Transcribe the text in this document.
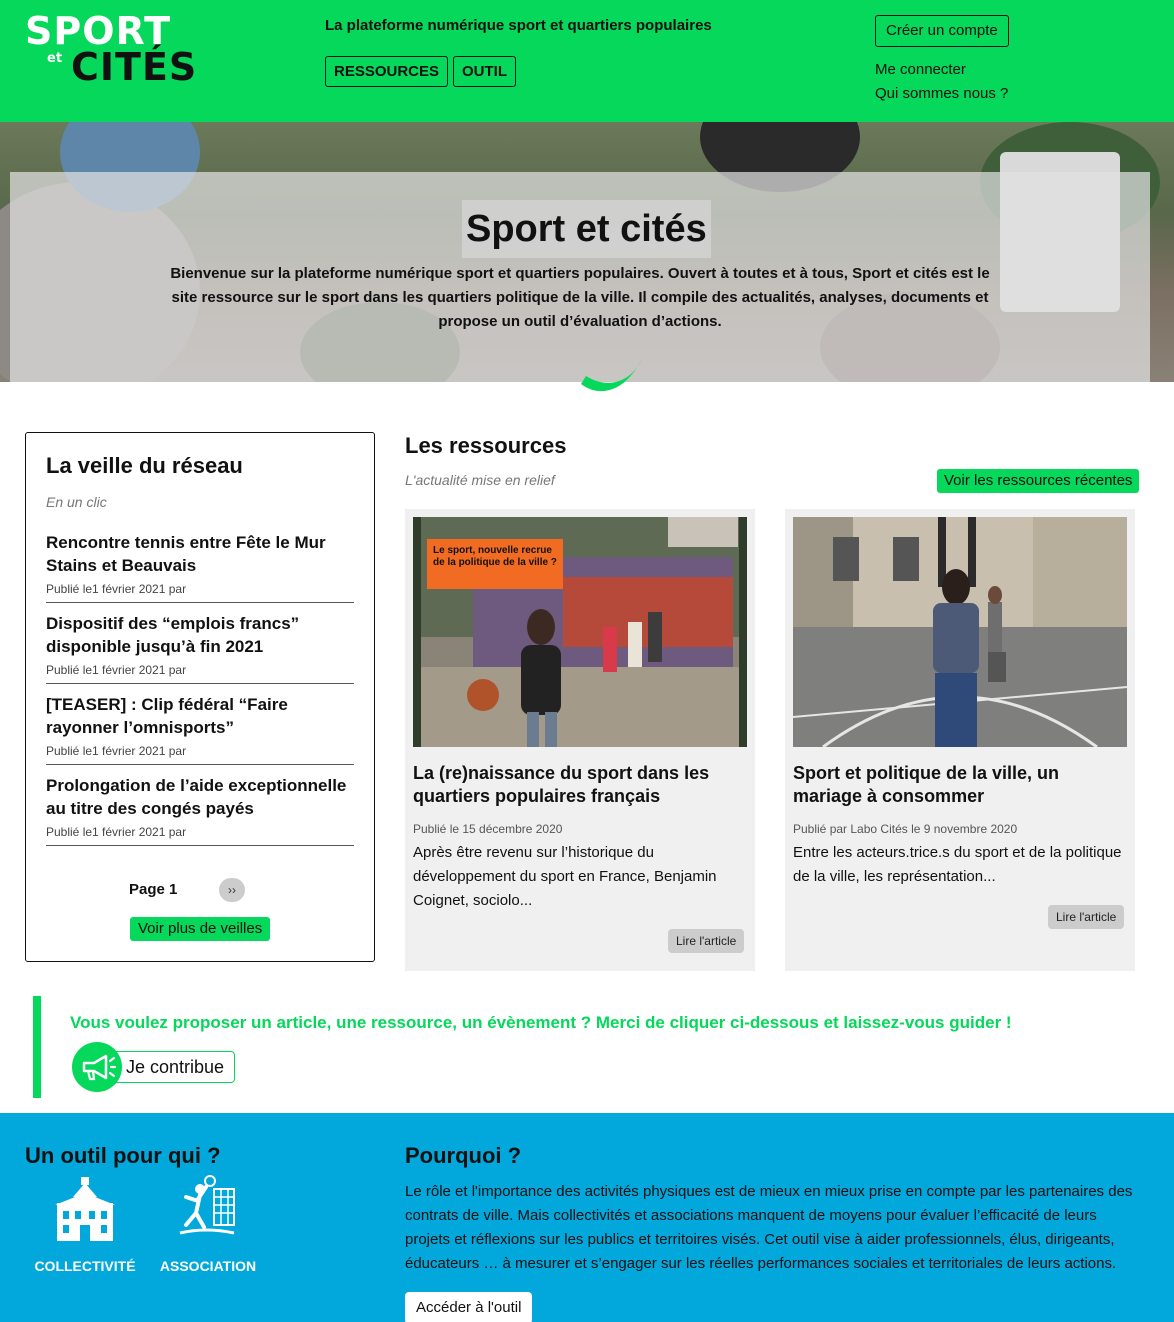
SPORT
et CITÉS
La plateforme numérique sport et quartiers populaires
RESSOURCES	OUTIL
Créer un compte
Me connecter
Qui sommes nous ?
Sport et cités
Bienvenue sur la plateforme numérique sport et quartiers populaires. Ouvert à toutes et à tous, Sport et cités est le site ressource sur le sport dans les quartiers politique de la ville. Il compile des actualités, analyses, documents et propose un outil d’évaluation d’actions.
La veille du réseau
En un clic
Rencontre tennis entre Fête le Mur Stains et Beauvais
Publié le1 février 2021 par
Dispositif des “emplois francs” disponible jusqu’à fin 2021
Publié le1 février 2021 par
[TEASER] : Clip fédéral “Faire rayonner l’omnisports”
Publié le1 février 2021 par
Prolongation de l’aide exceptionnelle au titre des congés payés
Publié le1 février 2021 par
Page 1	››
Voir plus de veilles
Les ressources
L'actualité mise en relief	Voir les ressources récentes
Le sport, nouvelle recrue de la politique de la ville ?
La (re)naissance du sport dans les quartiers populaires français
Publié le 15 décembre 2020
Après être revenu sur l’historique du développement du sport en France, Benjamin Coignet, sociolo...
Lire l'article
Sport et politique de la ville, un mariage à consommer
Publié par Labo Cités le 9 novembre 2020
Entre les acteurs.trice.s du sport et de la politique de la ville, les représentation...
Lire l'article
Vous voulez proposer un article, une ressource, un évènement ? Merci de cliquer ci-dessous et laissez-vous guider !
Je contribue
Un outil pour qui ?	Pourquoi ?
COLLECTIVITÉ	ASSOCIATION
Le rôle et l'importance des activités physiques est de mieux en mieux prise en compte par les partenaires des contrats de ville. Mais collectivités et associations manquent de moyens pour évaluer l’efficacité de leurs projets et réflexions sur les publics et territoires visés. Cet outil vise à aider professionnels, élus, dirigeants, éducateurs … à mesurer et s’engager sur les réelles performances sociales et territoriales de leurs actions.
Accéder à l'outil
